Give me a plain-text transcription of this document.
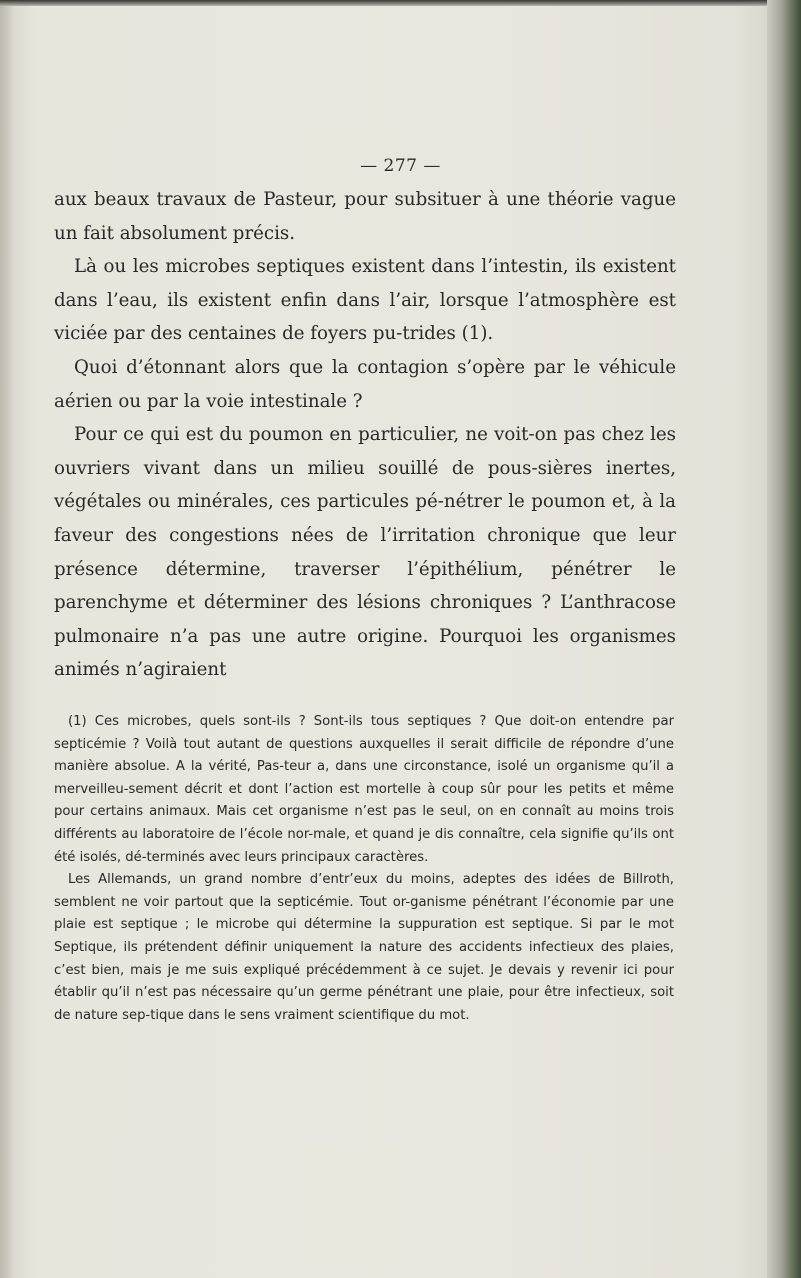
— 277 —

aux beaux travaux de Pasteur, pour subsituer à une théorie vague un fait absolument précis.

Là ou les microbes septiques existent dans l’intestin, ils existent dans l’eau, ils existent enfin dans l’air, lorsque l’atmosphère est viciée par des centaines de foyers pu-trides (1).

Quoi d’étonnant alors que la contagion s’opère par le véhicule aérien ou par la voie intestinale ?

Pour ce qui est du poumon en particulier, ne voit-on pas chez les ouvriers vivant dans un milieu souillé de pous-sières inertes, végétales ou minérales, ces particules pé-nétrer le poumon et, à la faveur des congestions nées de l’irritation chronique que leur présence détermine, traverser l’épithélium, pénétrer le parenchyme et déterminer des lésions chroniques ? L’anthracose pulmonaire n’a pas une autre origine. Pourquoi les organismes animés n’agiraient

(1) Ces microbes, quels sont-ils ? Sont-ils tous septiques ? Que doit-on entendre par septicémie ? Voilà tout autant de questions auxquelles il serait difficile de répondre d’une manière absolue. A la vérité, Pas-teur a, dans une circonstance, isolé un organisme qu’il a merveilleu-sement décrit et dont l’action est mortelle à coup sûr pour les petits et même pour certains animaux. Mais cet organisme n’est pas le seul, on en connaît au moins trois différents au laboratoire de l’école nor-male, et quand je dis connaître, cela signifie qu’ils ont été isolés, dé-terminés avec leurs principaux caractères.

Les Allemands, un grand nombre d’entr’eux du moins, adeptes des idées de Billroth, semblent ne voir partout que la septicémie. Tout or-ganisme pénétrant l’économie par une plaie est septique ; le microbe qui détermine la suppuration est septique. Si par le mot Septique, ils prétendent définir uniquement la nature des accidents infectieux des plaies, c’est bien, mais je me suis expliqué précédemment à ce sujet. Je devais y revenir ici pour établir qu’il n’est pas nécessaire qu’un germe pénétrant une plaie, pour être infectieux, soit de nature sep-tique dans le sens vraiment scientifique du mot.
